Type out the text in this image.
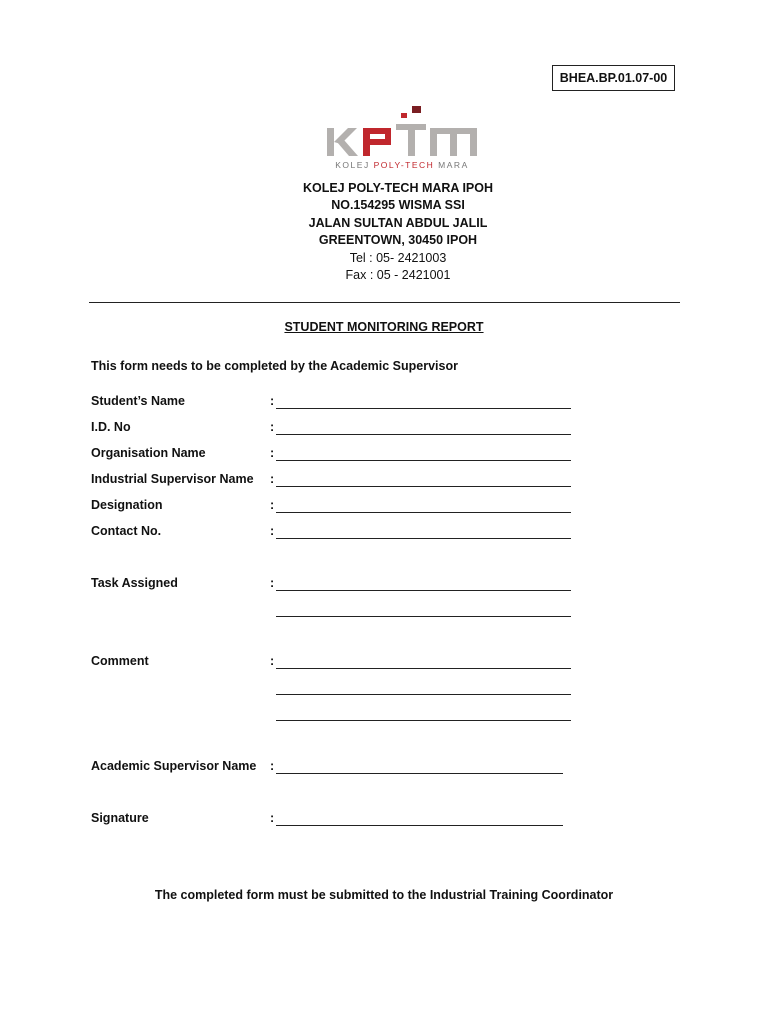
BHEA.BP.01.07-00
KOLEJ POLY-TECH MARA
KOLEJ POLY-TECH MARA IPOH
NO.154295 WISMA SSI
JALAN SULTAN ABDUL JALIL
GREENTOWN, 30450 IPOH
Tel : 05- 2421003
Fax : 05 - 2421001
STUDENT MONITORING REPORT
This form needs to be completed by the Academic Supervisor
Student’s Name	:
I.D. No	:
Organisation Name	:
Industrial Supervisor Name :
Designation	:
Contact No.	:
Task Assigned	:
Comment	:
Academic Supervisor Name :
Signature	:
The completed form must be submitted to the Industrial Training Coordinator
